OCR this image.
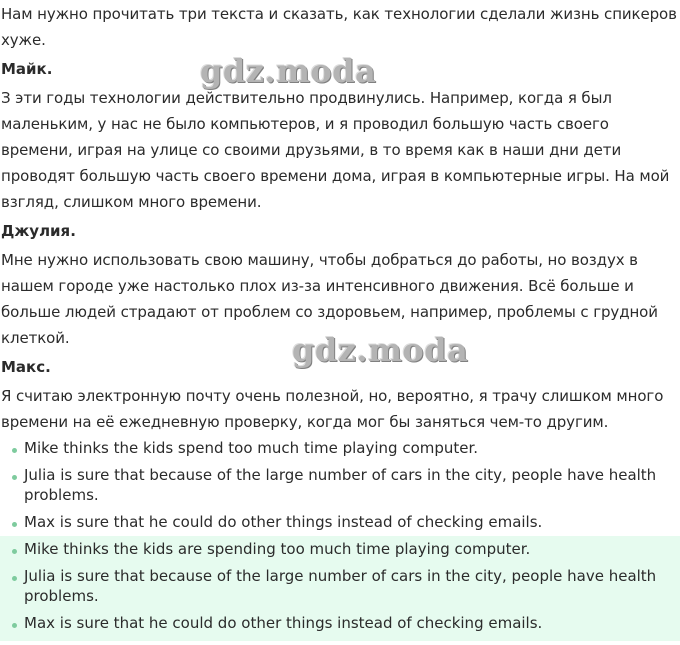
Нам нужно прочитать три текста и сказать, как технологии сделали жизнь спикеров хуже.

Майк.

З эти годы технологии действительно продвинулись. Например, когда я был маленьким, у нас не было компьютеров, и я проводил большую часть своего времени, играя на улице со своими друзьями, в то время как в наши дни дети проводят большую часть своего времени дома, играя в компьютерные игры. На мой взгляд, слишком много времени.

Джулия.

Мне нужно использовать свою машину, чтобы добраться до работы, но воздух в нашем городе уже настолько плох из-за интенсивного движения. Всё больше и больше людей страдают от проблем со здоровьем, например, проблемы с грудной клеткой.

Макс.

Я считаю электронную почту очень полезной, но, вероятно, я трачу слишком много времени на её ежедневную проверку, когда мог бы заняться чем-то другим.

Mike thinks the kids spend too much time playing computer.
Julia is sure that because of the large number of cars in the city, people have health problems.
Max is sure that he could do other things instead of checking emails.
Mike thinks the kids are spending too much time playing computer.
Julia is sure that because of the large number of cars in the city, people have health problems.
Max is sure that he could do other things instead of checking emails.
gdz.moda
gdz.moda
